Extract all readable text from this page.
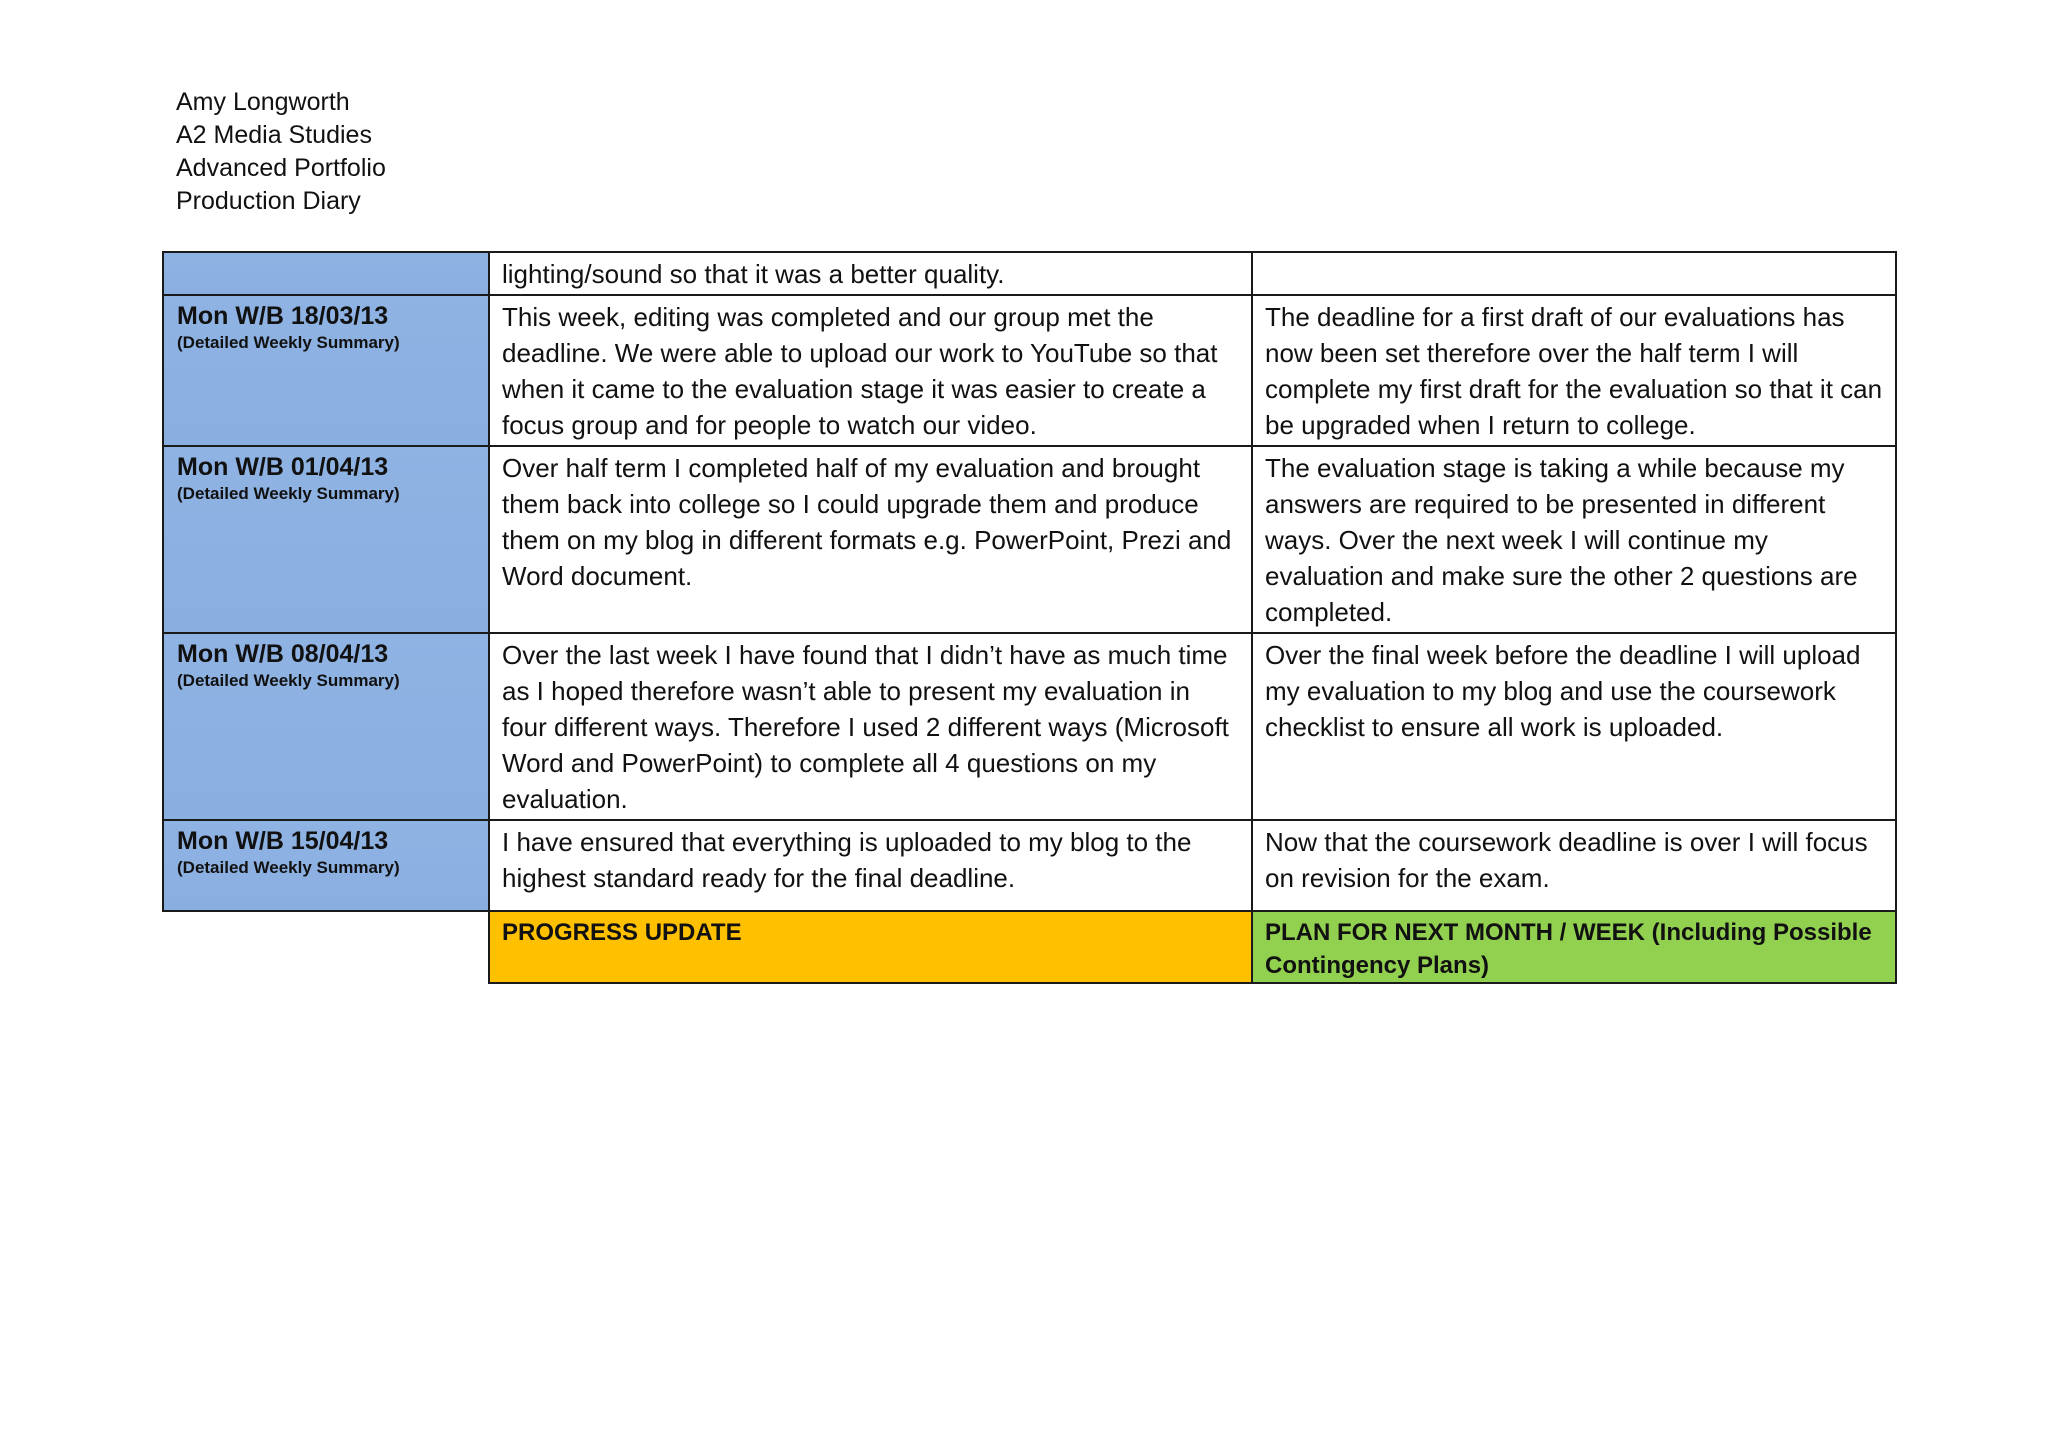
Amy Longworth
A2 Media Studies
Advanced Portfolio
Production Diary
	lighting/sound so that it was a better quality.	

Mon W/B 18/03/13
(Detailed Weekly Summary)	This week, editing was completed and our group met the deadline. We were able to upload our work to YouTube so that when it came to the evaluation stage it was easier to create a focus group and for people to watch our video.	The deadline for a first draft of our evaluations has now been set therefore over the half term I will complete my first draft for the evaluation so that it can be upgraded when I return to college.

Mon W/B 01/04/13
(Detailed Weekly Summary)	Over half term I completed half of my evaluation and brought them back into college so I could upgrade them and produce them on my blog in different formats e.g. PowerPoint, Prezi and Word document.	The evaluation stage is taking a while because my answers are required to be presented in different ways. Over the next week I will continue my evaluation and make sure the other 2 questions are completed.

Mon W/B 08/04/13
(Detailed Weekly Summary)	Over the last week I have found that I didn’t have as much time as I hoped therefore wasn’t able to present my evaluation in four different ways. Therefore I used 2 different ways (Microsoft Word and PowerPoint) to complete all 4 questions on my evaluation.	Over the final week before the deadline I will upload my evaluation to my blog and use the coursework checklist to ensure all work is uploaded.

Mon W/B 15/04/13
(Detailed Weekly Summary)	I have ensured that everything is uploaded to my blog to the highest standard ready for the final deadline.	Now that the coursework deadline is over I will focus on revision for the exam.
	PROGRESS UPDATE	PLAN FOR NEXT MONTH / WEEK (Including Possible Contingency Plans)
